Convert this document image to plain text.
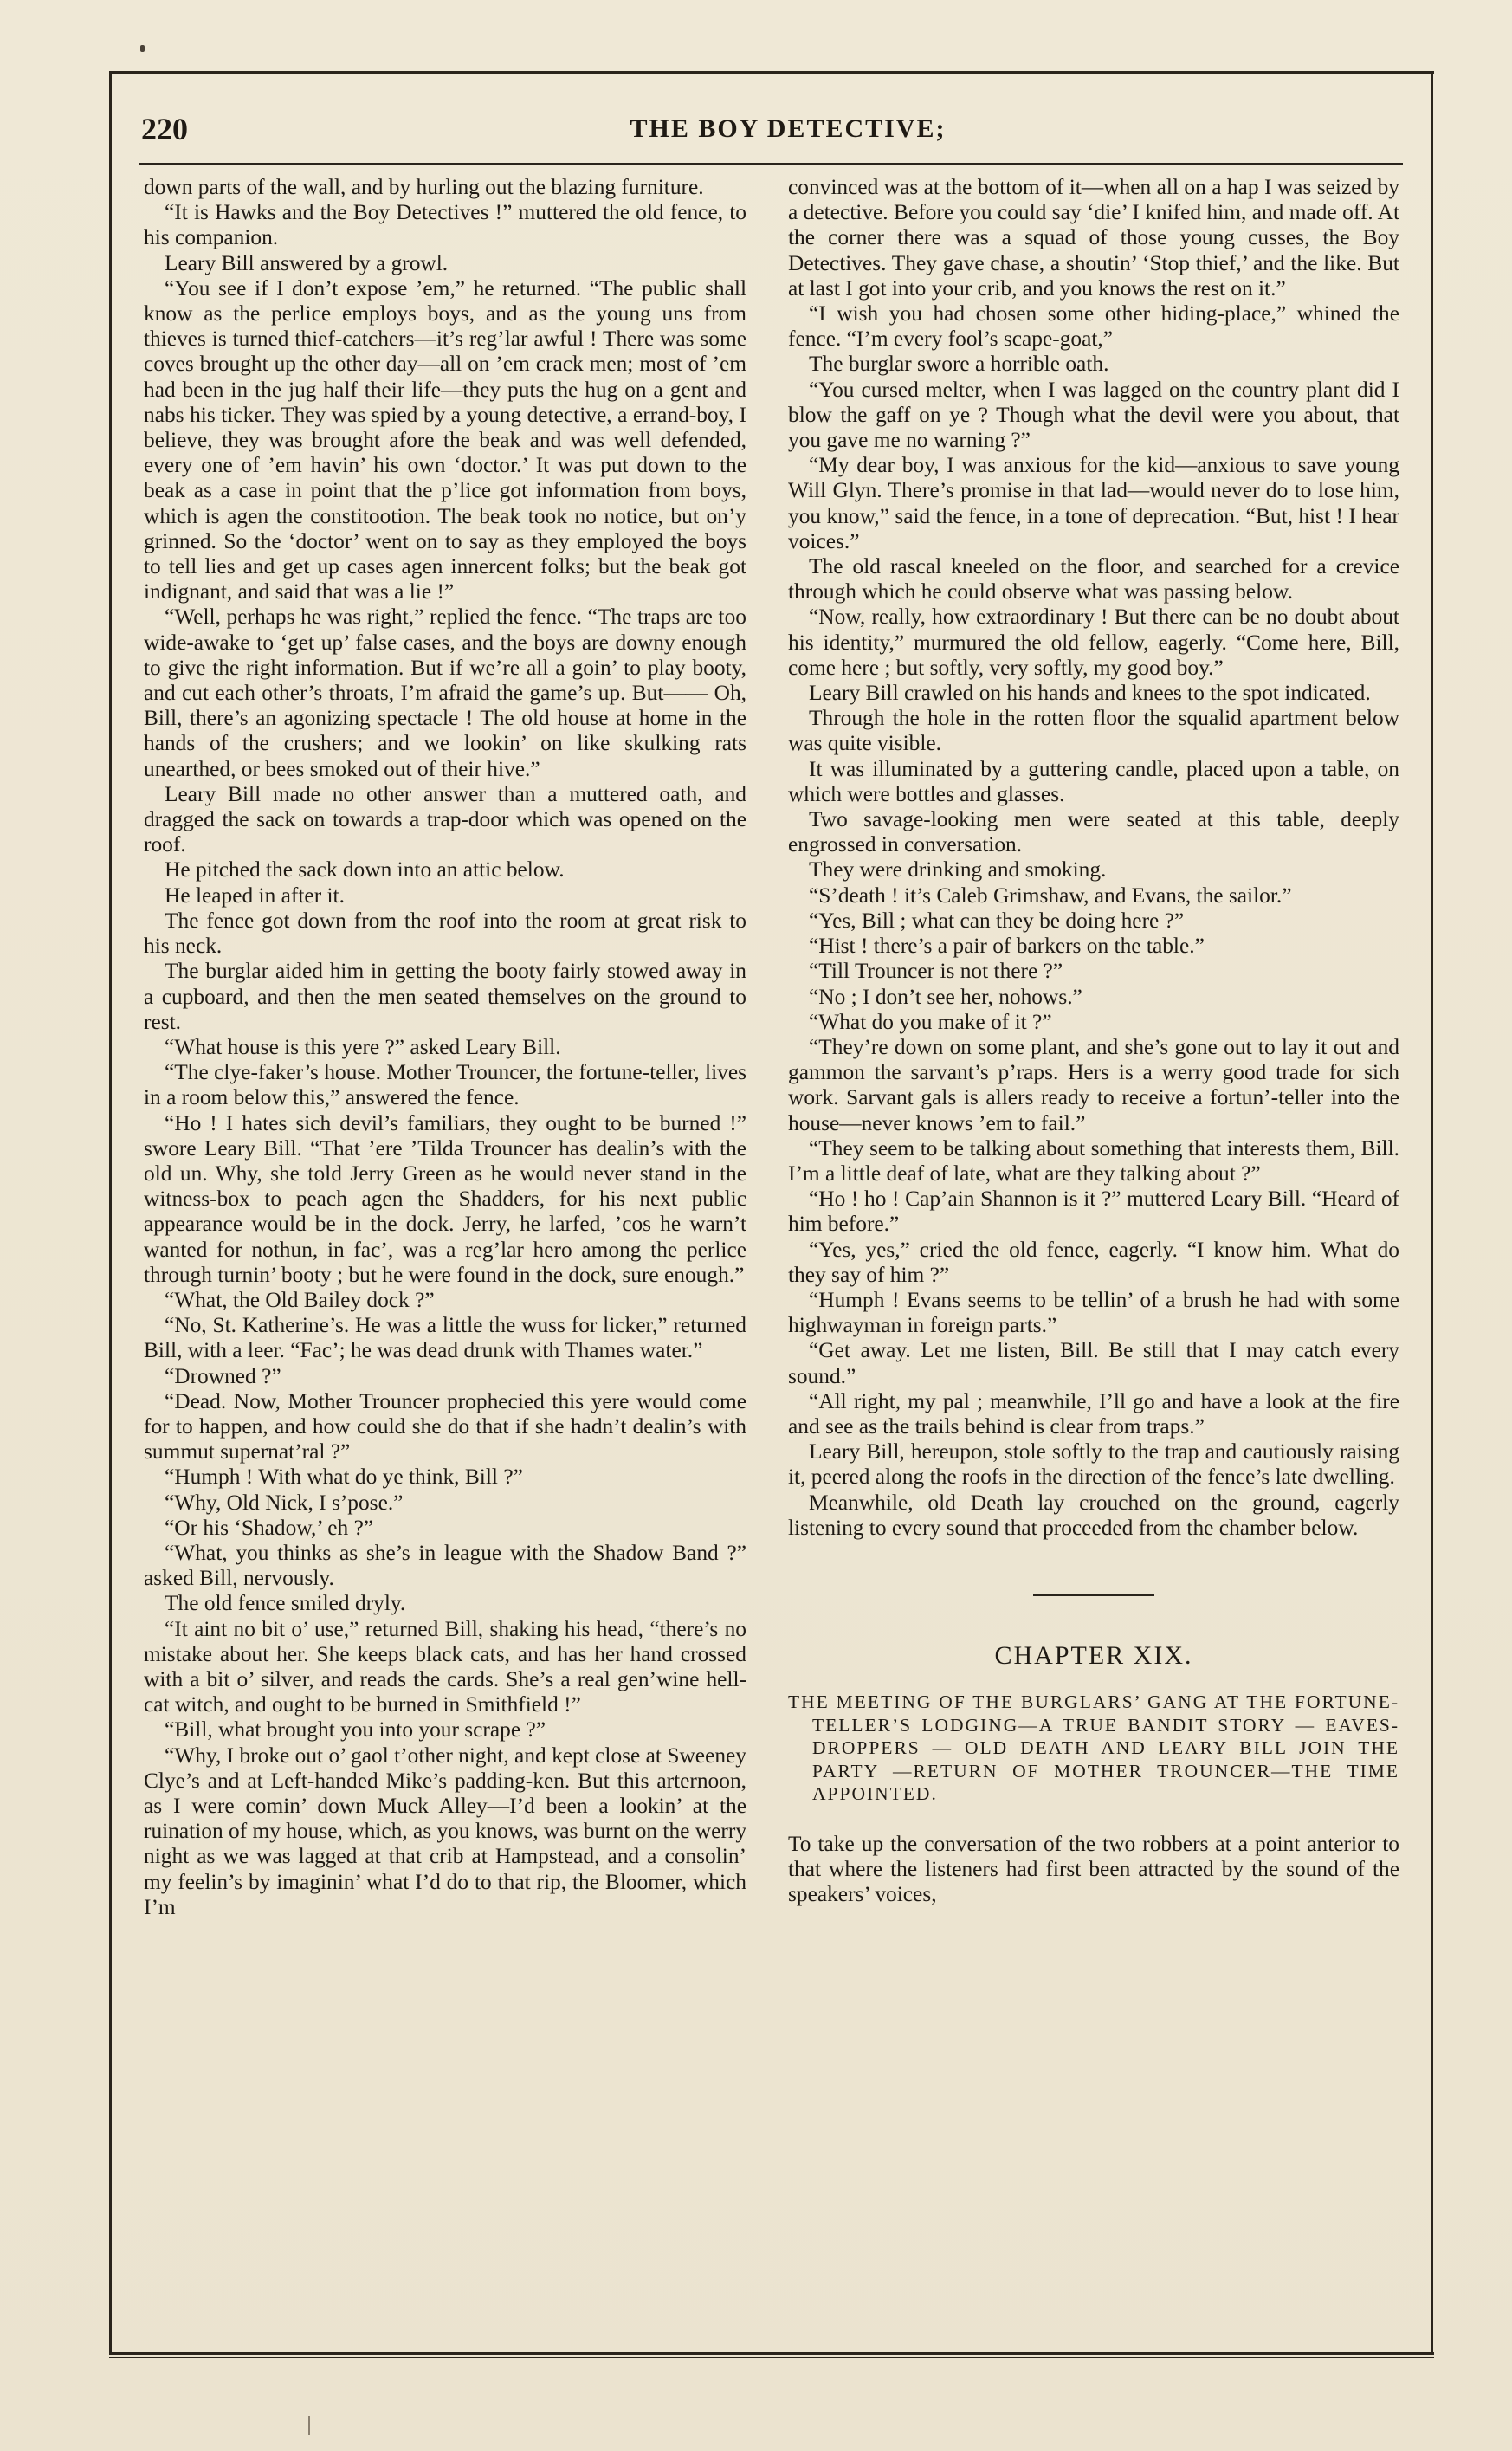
220	THE BOY DETECTIVE;

down parts of the wall, and by hurling out the blazing furniture.

“It is Hawks and the Boy Detectives !” muttered the old fence, to his companion.

Leary Bill answered by a growl.

“You see if I don’t expose ’em,” he returned. “The public shall know as the perlice employs boys, and as the young uns from thieves is turned thief-catchers—it’s reg’lar awful ! There was some coves brought up the other day—all on ’em crack men; most of ’em had been in the jug half their life—they puts the hug on a gent and nabs his ticker. They was spied by a young detective, a errand-boy, I believe, they was brought afore the beak and was well defended, every one of ’em havin’ his own ‘doctor.’ It was put down to the beak as a case in point that the p’lice got information from boys, which is agen the constitootion. The beak took no notice, but on’y grinned. So the ‘doctor’ went on to say as they employed the boys to tell lies and get up cases agen innercent folks; but the beak got indignant, and said that was a lie !”

“Well, perhaps he was right,” replied the fence. “The traps are too wide-awake to ‘get up’ false cases, and the boys are downy enough to give the right information. But if we’re all a goin’ to play booty, and cut each other’s throats, I’m afraid the game’s up. But—— Oh, Bill, there’s an agonizing spectacle ! The old house at home in the hands of the crushers; and we lookin’ on like skulking rats unearthed, or bees smoked out of their hive.”

Leary Bill made no other answer than a muttered oath, and dragged the sack on towards a trap-door which was opened on the roof.

He pitched the sack down into an attic below.

He leaped in after it.

The fence got down from the roof into the room at great risk to his neck.

The burglar aided him in getting the booty fairly stowed away in a cupboard, and then the men seated themselves on the ground to rest.

“What house is this yere ?” asked Leary Bill.

“The clye-faker’s house. Mother Trouncer, the fortune-teller, lives in a room below this,” answered the fence.

“Ho ! I hates sich devil’s familiars, they ought to be burned !” swore Leary Bill. “That ’ere ’Tilda Trouncer has dealin’s with the old un. Why, she told Jerry Green as he would never stand in the witness-box to peach agen the Shadders, for his next public appearance would be in the dock. Jerry, he larfed, ’cos he warn’t wanted for nothun, in fac’, was a reg’lar hero among the perlice through turnin’ booty ; but he were found in the dock, sure enough.”

“What, the Old Bailey dock ?”

“No, St. Katherine’s. He was a little the wuss for licker,” returned Bill, with a leer. “Fac’; he was dead drunk with Thames water.”

“Drowned ?”

“Dead. Now, Mother Trouncer prophecied this yere would come for to happen, and how could she do that if she hadn’t dealin’s with summut supernat’ral ?”

“Humph ! With what do ye think, Bill ?”

“Why, Old Nick, I s’pose.”

“Or his ‘Shadow,’ eh ?”

“What, you thinks as she’s in league with the Shadow Band ?” asked Bill, nervously.

The old fence smiled dryly.

“It aint no bit o’ use,” returned Bill, shaking his head, “there’s no mistake about her. She keeps black cats, and has her hand crossed with a bit o’ silver, and reads the cards. She’s a real gen’wine hell-cat witch, and ought to be burned in Smithfield !”

“Bill, what brought you into your scrape ?”

“Why, I broke out o’ gaol t’other night, and kept close at Sweeney Clye’s and at Left-handed Mike’s padding-ken. But this arternoon, as I were comin’ down Muck Alley—I’d been a lookin’ at the ruination of my house, which, as you knows, was burnt on the werry night as we was lagged at that crib at Hampstead, and a consolin’ my feelin’s by imaginin’ what I’d do to that rip, the Bloomer, which I’m

convinced was at the bottom of it—when all on a hap I was seized by a detective. Before you could say ‘die’ I knifed him, and made off. At the corner there was a squad of those young cusses, the Boy Detectives. They gave chase, a shoutin’ ‘Stop thief,’ and the like. But at last I got into your crib, and you knows the rest on it.”

“I wish you had chosen some other hiding-place,” whined the fence. “I’m every fool’s scape-goat,”

The burglar swore a horrible oath.

“You cursed melter, when I was lagged on the country plant did I blow the gaff on ye ? Though what the devil were you about, that you gave me no warning ?”

“My dear boy, I was anxious for the kid—anxious to save young Will Glyn. There’s promise in that lad—would never do to lose him, you know,” said the fence, in a tone of deprecation. “But, hist ! I hear voices.”

The old rascal kneeled on the floor, and searched for a crevice through which he could observe what was passing below.

“Now, really, how extraordinary ! But there can be no doubt about his identity,” murmured the old fellow, eagerly. “Come here, Bill, come here ; but softly, very softly, my good boy.”

Leary Bill crawled on his hands and knees to the spot indicated.

Through the hole in the rotten floor the squalid apartment below was quite visible.

It was illuminated by a guttering candle, placed upon a table, on which were bottles and glasses.

Two savage-looking men were seated at this table, deeply engrossed in conversation.

They were drinking and smoking.

“S’death ! it’s Caleb Grimshaw, and Evans, the sailor.”

“Yes, Bill ; what can they be doing here ?”

“Hist ! there’s a pair of barkers on the table.”

“Till Trouncer is not there ?”

“No ; I don’t see her, nohows.”

“What do you make of it ?”

“They’re down on some plant, and she’s gone out to lay it out and gammon the sarvant’s p’raps. Hers is a werry good trade for sich work. Sarvant gals is allers ready to receive a fortun’-teller into the house—never knows ’em to fail.”

“They seem to be talking about something that interests them, Bill. I’m a little deaf of late, what are they talking about ?”

“Ho ! ho ! Cap’ain Shannon is it ?” muttered Leary Bill. “Heard of him before.”

“Yes, yes,” cried the old fence, eagerly. “I know him. What do they say of him ?”

“Humph ! Evans seems to be tellin’ of a brush he had with some highwayman in foreign parts.”

“Get away. Let me listen, Bill. Be still that I may catch every sound.”

“All right, my pal ; meanwhile, I’ll go and have a look at the fire and see as the trails behind is clear from traps.”

Leary Bill, hereupon, stole softly to the trap and cautiously raising it, peered along the roofs in the direction of the fence’s late dwelling.

Meanwhile, old Death lay crouched on the ground, eagerly listening to every sound that proceeded from the chamber below.

CHAPTER XIX.
THE MEETING OF THE BURGLARS’ GANG AT THE FORTUNE-TELLER’S LODGING—A TRUE BANDIT STORY — EAVES-DROPPERS — OLD DEATH AND LEARY BILL JOIN THE PARTY —RETURN OF MOTHER TROUNCER—THE TIME APPOINTED.

To take up the conversation of the two robbers at a point anterior to that where the listeners had first been attracted by the sound of the speakers’ voices,
